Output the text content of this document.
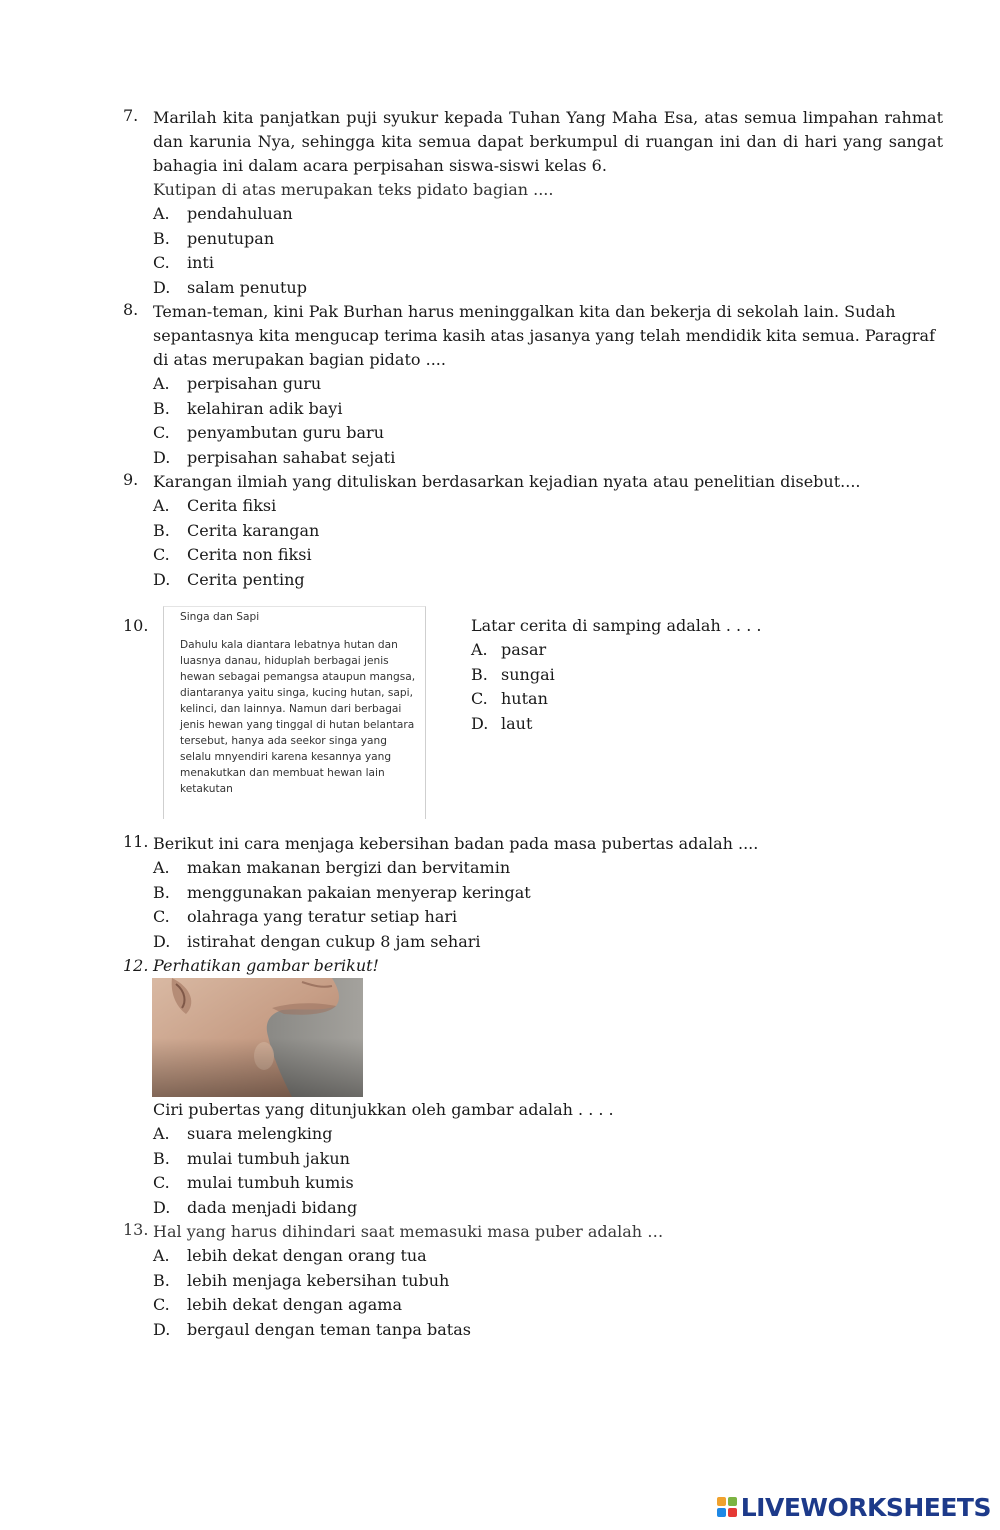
7. Marilah kita panjatkan puji syukur kepada Tuhan Yang Maha Esa, atas semua limpahan rahmat dan karunia Nya, sehingga kita semua dapat berkumpul di ruangan ini dan di hari yang sangat bahagia ini dalam acara perpisahan siswa-siswi kelas 6.
Kutipan di atas merupakan teks pidato bagian ....
A.	pendahuluan
B.	penutupan
C.	inti
D.	salam penutup
8. Teman-teman, kini Pak Burhan harus meninggalkan kita dan bekerja di sekolah lain. Sudah sepantasnya kita mengucap terima kasih atas jasanya yang telah mendidik kita semua. Paragraf di atas merupakan bagian pidato ....
A.	perpisahan guru
B.	kelahiran adik bayi
C.	penyambutan guru baru
D.	perpisahan sahabat sejati
9. Karangan ilmiah yang dituliskan berdasarkan kejadian nyata atau penelitian disebut....
A.	Cerita fiksi
B.	Cerita karangan
C.	Cerita non fiksi
D.	Cerita penting
10.	Singa dan Sapi
Dahulu kala diantara lebatnya hutan dan luasnya danau, hiduplah berbagai jenis hewan sebagai pemangsa ataupun mangsa, diantaranya yaitu singa, kucing hutan, sapi, kelinci, dan lainnya. Namun dari berbagai jenis hewan yang tinggal di hutan belantara tersebut, hanya ada seekor singa yang selalu mnyendiri karena kesannya yang menakutkan dan membuat hewan lain ketakutan
Latar cerita di samping adalah . . . .
A. pasar
B. sungai
C. hutan
D. laut
11. Berikut ini cara menjaga kebersihan badan pada masa pubertas adalah ....
A.	makan makanan bergizi dan bervitamin
B.	menggunakan pakaian menyerap keringat
C.	olahraga yang teratur setiap hari
D.	istirahat dengan cukup 8 jam sehari
12. Perhatikan gambar berikut!
Ciri pubertas yang ditunjukkan oleh gambar adalah . . . .
A.	suara melengking
B.	mulai tumbuh jakun
C.	mulai tumbuh kumis
D.	dada menjadi bidang
13. Hal yang harus dihindari saat memasuki masa puber adalah …
A.	lebih dekat dengan orang tua
B.	lebih menjaga kebersihan tubuh
C.	lebih dekat dengan agama
D.	bergaul dengan teman tanpa batas
LIVEWORKSHEETS
